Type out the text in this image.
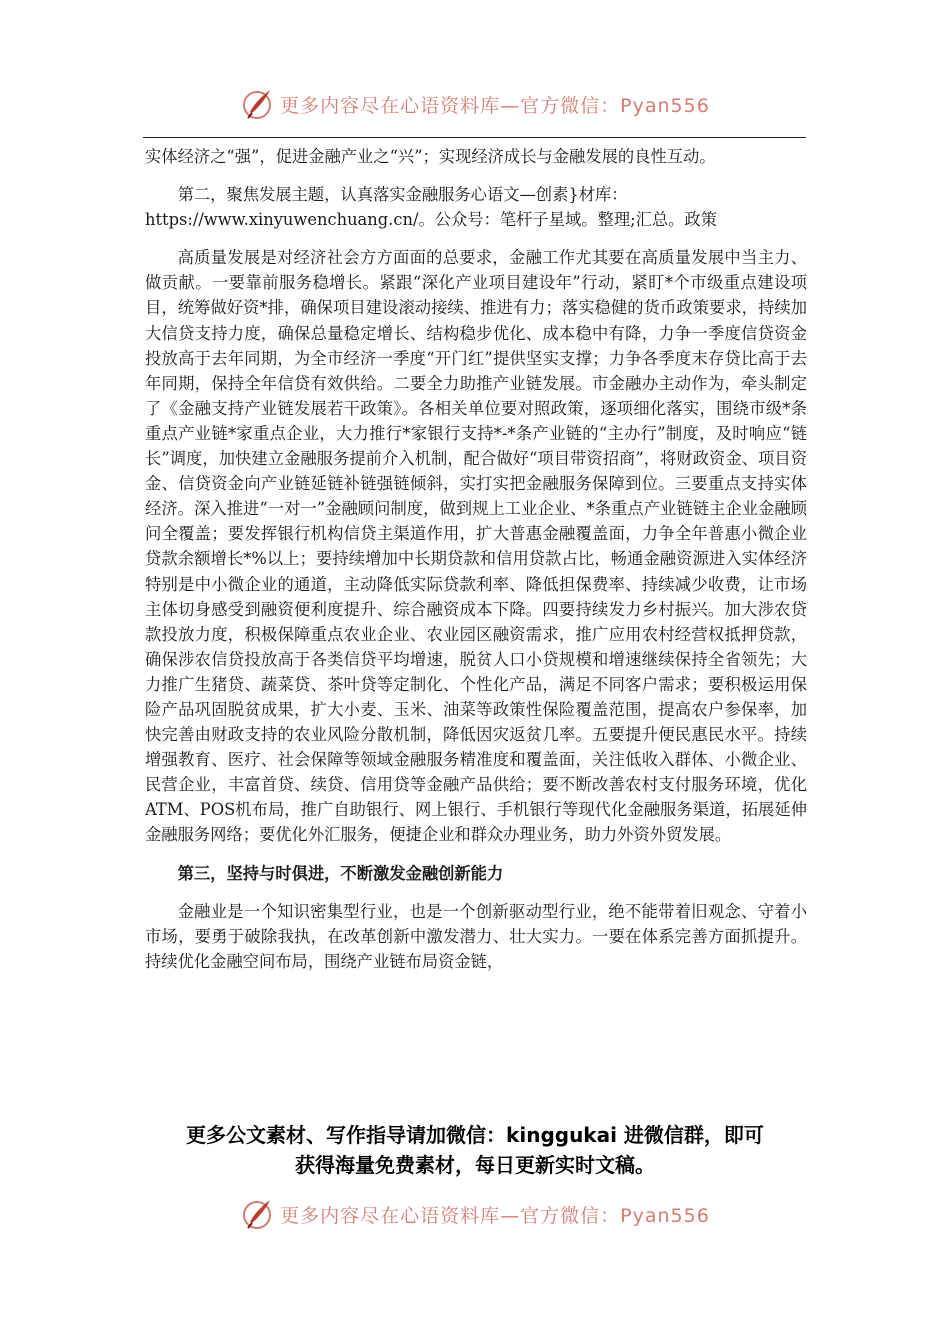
更多内容尽在心语资料库—官方微信：Pyan556

实体经济之“强”，促进金融产业之“兴”；实现经济成长与金融发展的良性互动。

第二，聚焦发展主题，认真落实金融服务心语文—创素}材库：

https://www.xinyuwenchuang.cn/。公众号：笔杆子星域。整理;汇总。政策

高质量发展是对经济社会方方面面的总要求，金融工作尤其要在高质量发展中当主力、做贡献。一要靠前服务稳增长。紧跟“深化产业项目建设年”行动，紧盯*个市级重点建设项目，统筹做好资*排，确保项目建设滚动接续、推进有力；落实稳健的货币政策要求，持续加大信贷支持力度，确保总量稳定增长、结构稳步优化、成本稳中有降，力争一季度信贷资金投放高于去年同期，为全市经济一季度“开门红”提供坚实支撑；力争各季度末存贷比高于去年同期，保持全年信贷有效供给。二要全力助推产业链发展。市金融办主动作为，牵头制定了《金融支持产业链发展若干政策》。各相关单位要对照政策，逐项细化落实，围绕市级*条重点产业链*家重点企业，大力推行*家银行支持*-*条产业链的“主办行”制度，及时响应“链长”调度，加快建立金融服务提前介入机制，配合做好“项目带资招商”，将财政资金、项目资金、信贷资金向产业链延链补链强链倾斜，实打实把金融服务保障到位。三要重点支持实体经济。深入推进“一对一”金融顾问制度，做到规上工业企业、*条重点产业链链主企业金融顾问全覆盖；要发挥银行机构信贷主渠道作用，扩大普惠金融覆盖面，力争全年普惠小微企业贷款余额增长*%以上；要持续增加中长期贷款和信用贷款占比，畅通金融资源进入实体经济特别是中小微企业的通道，主动降低实际贷款利率、降低担保费率、持续减少收费，让市场主体切身感受到融资便利度提升、综合融资成本下降。四要持续发力乡村振兴。加大涉农贷款投放力度，积极保障重点农业企业、农业园区融资需求，推广应用农村经营权抵押贷款，确保涉农信贷投放高于各类信贷平均增速，脱贫人口小贷规模和增速继续保持全省领先；大力推广生猪贷、蔬菜贷、茶叶贷等定制化、个性化产品，满足不同客户需求；要积极运用保险产品巩固脱贫成果，扩大小麦、玉米、油菜等政策性保险覆盖范围，提高农户参保率，加快完善由财政支持的农业风险分散机制，降低因灾返贫几率。五要提升便民惠民水平。持续增强教育、医疗、社会保障等领域金融服务精准度和覆盖面，关注低收入群体、小微企业、民营企业，丰富首贷、续贷、信用贷等金融产品供给；要不断改善农村支付服务环境，优化ATM、POS机布局，推广自助银行、网上银行、手机银行等现代化金融服务渠道，拓展延伸金融服务网络；要优化外汇服务，便捷企业和群众办理业务，助力外资外贸发展。

第三，坚持与时俱进，不断激发金融创新能力

金融业是一个知识密集型行业，也是一个创新驱动型行业，绝不能带着旧观念、守着小市场，要勇于破除我执，在改革创新中激发潜力、壮大实力。一要在体系完善方面抓提升。持续优化金融空间布局，围绕产业链布局资金链，

更多公文素材、写作指导请加微信：kinggukai 进微信群，即可
获得海量免费素材，每日更新实时文稿。
更多内容尽在心语资料库—官方微信：Pyan556
